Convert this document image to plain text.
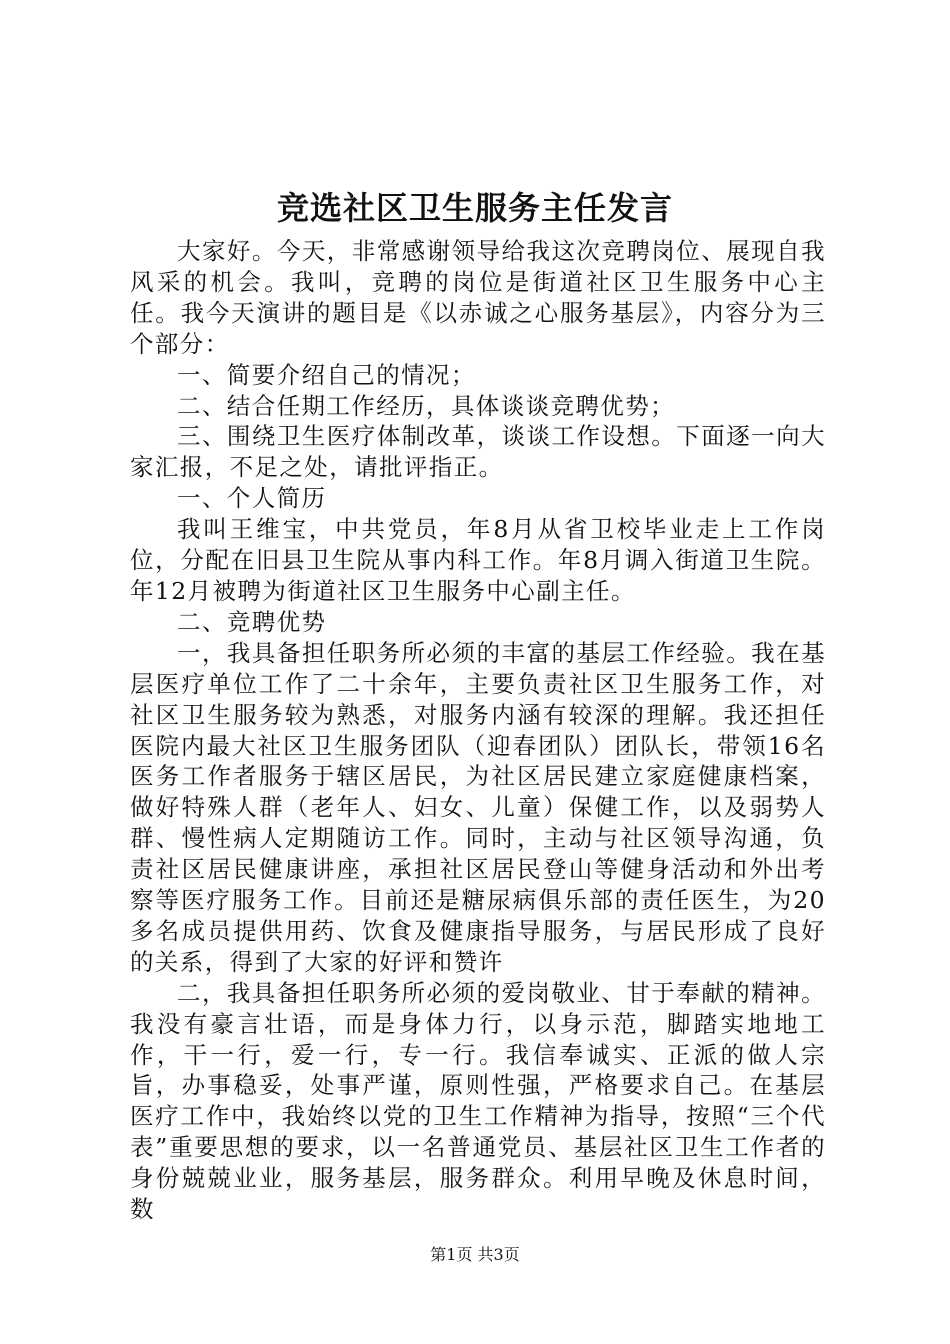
竞选社区卫生服务主任发言

大家好。今天，非常感谢领导给我这次竞聘岗位、展现自我风采的机会。我叫，竞聘的岗位是街道社区卫生服务中心主任。我今天演讲的题目是《以赤诚之心服务基层》，内容分为三个部分：

一、简要介绍自己的情况；

二、结合任期工作经历，具体谈谈竞聘优势；

三、围绕卫生医疗体制改革，谈谈工作设想。下面逐一向大家汇报，不足之处，请批评指正。

一、个人简历

我叫王维宝，中共党员，年8月从省卫校毕业走上工作岗位，分配在旧县卫生院从事内科工作。年8月调入街道卫生院。年12月被聘为街道社区卫生服务中心副主任。

二、竞聘优势

一，我具备担任职务所必须的丰富的基层工作经验。我在基层医疗单位工作了二十余年，主要负责社区卫生服务工作，对社区卫生服务较为熟悉，对服务内涵有较深的理解。我还担任医院内最大社区卫生服务团队（迎春团队）团队长，带领16名医务工作者服务于辖区居民，为社区居民建立家庭健康档案，做好特殊人群（老年人、妇女、儿童）保健工作，以及弱势人群、慢性病人定期随访工作。同时，主动与社区领导沟通，负责社区居民健康讲座，承担社区居民登山等健身活动和外出考察等医疗服务工作。目前还是糖尿病俱乐部的责任医生，为20多名成员提供用药、饮食及健康指导服务，与居民形成了良好的关系，得到了大家的好评和赞许

二，我具备担任职务所必须的爱岗敬业、甘于奉献的精神。我没有豪言壮语，而是身体力行，以身示范，脚踏实地地工作，干一行，爱一行，专一行。我信奉诚实、正派的做人宗旨，办事稳妥，处事严谨，原则性强，严格要求自己。在基层医疗工作中，我始终以党的卫生工作精神为指导，按照“三个代表”重要思想的要求，以一名普通党员、基层社区卫生工作者的身份兢兢业业，服务基层，服务群众。利用早晚及休息时间，数

第1页 共3页
